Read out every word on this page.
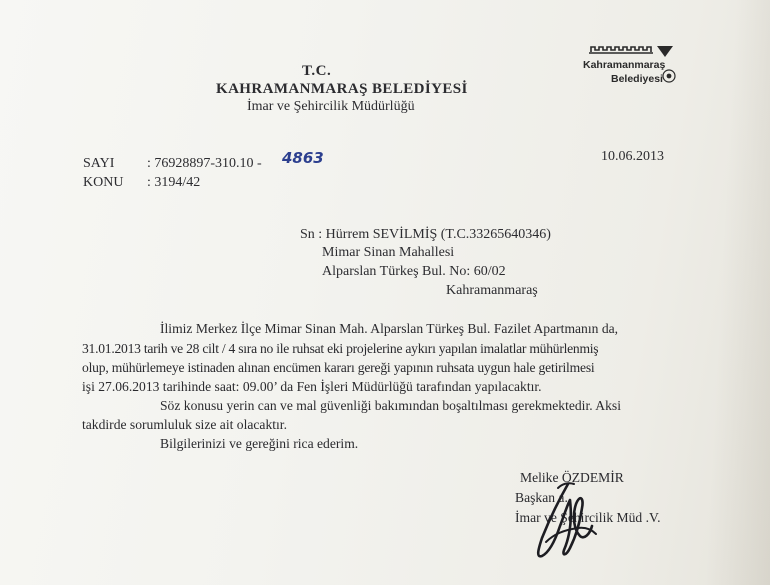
Kahramanmaraş
Belediyesi
T.C.
KAHRAMANMARAŞ BELEDİYESİ
İmar ve Şehircilik Müdürlüğü
SAYI : 76928897-310.10 - 4863
KONU : 3194/42
10.06.2013
Sn : Hürrem SEVİLMİŞ (T.C.33265640346)
Mimar Sinan Mahallesi
Alparslan Türkeş Bul. No: 60/02
Kahramanmaraş
İlimiz Merkez İlçe Mimar Sinan Mah. Alparslan Türkeş Bul. Fazilet Apartmanın da,
31.01.2013 tarih ve 28 cilt / 4 sıra no ile ruhsat eki projelerine aykırı yapılan imalatlar mühürlenmiş
olup, mühürlemeye istinaden alınan encümen kararı gereği yapının ruhsata uygun hale getirilmesi
işi 27.06.2013 tarihinde saat: 09.00’ da Fen İşleri Müdürlüğü tarafından yapılacaktır.
Söz konusu yerin can ve mal güvenliği bakımından boşaltılması gerekmektedir. Aksi
takdirde sorumluluk size ait olacaktır.
Bilgilerinizi ve gereğini rica ederim.
Melike ÖZDEMİR
Başkan a.
İmar ve Şehircilik Müd .V.
